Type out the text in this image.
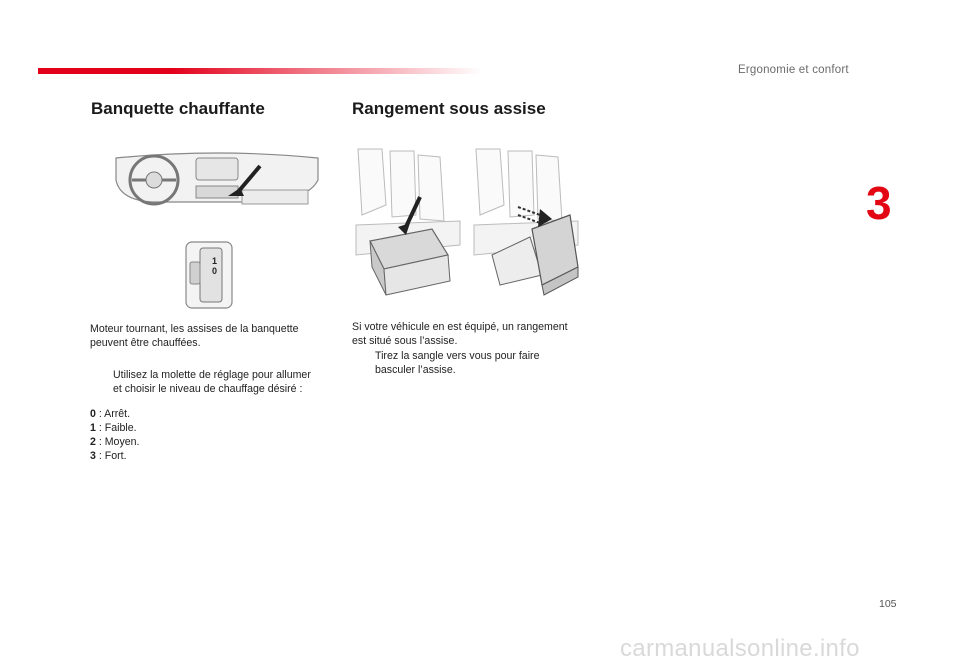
Ergonomie et confort
3
Banquette chauffante
1
0
Moteur tournant, les assises de la banquette
peuvent être chauffées.
Utilisez la molette de réglage pour allumer
et choisir le niveau de chauffage désiré :
0 : Arrêt.
1 : Faible.
2 : Moyen.
3 : Fort.
Rangement sous assise
Si votre véhicule en est équipé, un rangement
est situé sous l’assise.
Tirez la sangle vers vous pour faire
basculer l’assise.
105
carmanualsonline.info
